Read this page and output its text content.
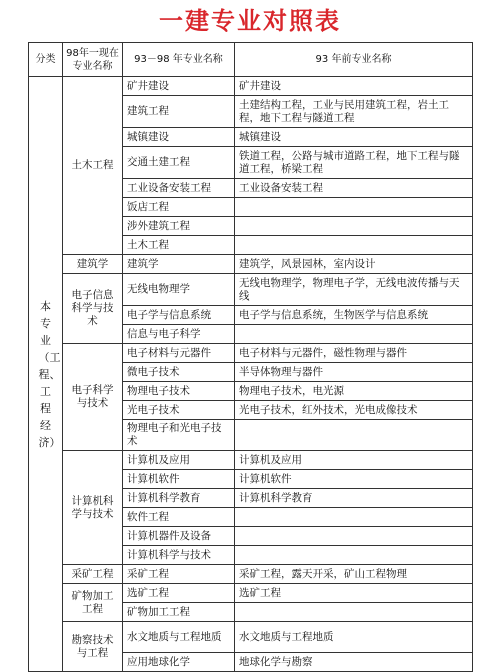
一建专业对照表
分类	98年一现在专业名称	93－98 年专业名称	93 年前专业名称
本专业（工程、工程经济）	土木工程	矿井建设	矿井建设
		建筑工程	土建结构工程，工业与民用建筑工程，岩土工程，地下工程与隧道工程
		城镇建设	城镇建设
		交通土建工程	铁道工程，公路与城市道路工程，地下工程与隧道工程，桥梁工程
		工业设备安装工程	工业设备安装工程
		饭店工程	
		涉外建筑工程	
		土木工程	
	建筑学	建筑学	建筑学，风景园林，室内设计
	电子信息科学与技术	无线电物理学	无线电物理学，物理电子学，无线电波传播与天线
		电子学与信息系统	电子学与信息系统，生物医学与信息系统
		信息与电子科学	
	电子科学与技术	电子材料与元器件	电子材料与元器件，磁性物理与器件
		微电子技术	半导体物理与器件
		物理电子技术	物理电子技术，电光源
		光电子技术	光电子技术，红外技术，光电成像技术
		物理电子和光电子技术	
	计算机科学与技术	计算机及应用	计算机及应用
		计算机软件	计算机软件
		计算机科学教育	计算机科学教育
		软件工程	
		计算机器件及设备	
		计算机科学与技术	
	采矿工程	采矿工程	采矿工程，露天开采，矿山工程物理
	矿物加工工程	选矿工程	选矿工程
		矿物加工工程	
	勘察技术与工程	水文地质与工程地质	水文地质与工程地质
		应用地球化学	地球化学与勘察
